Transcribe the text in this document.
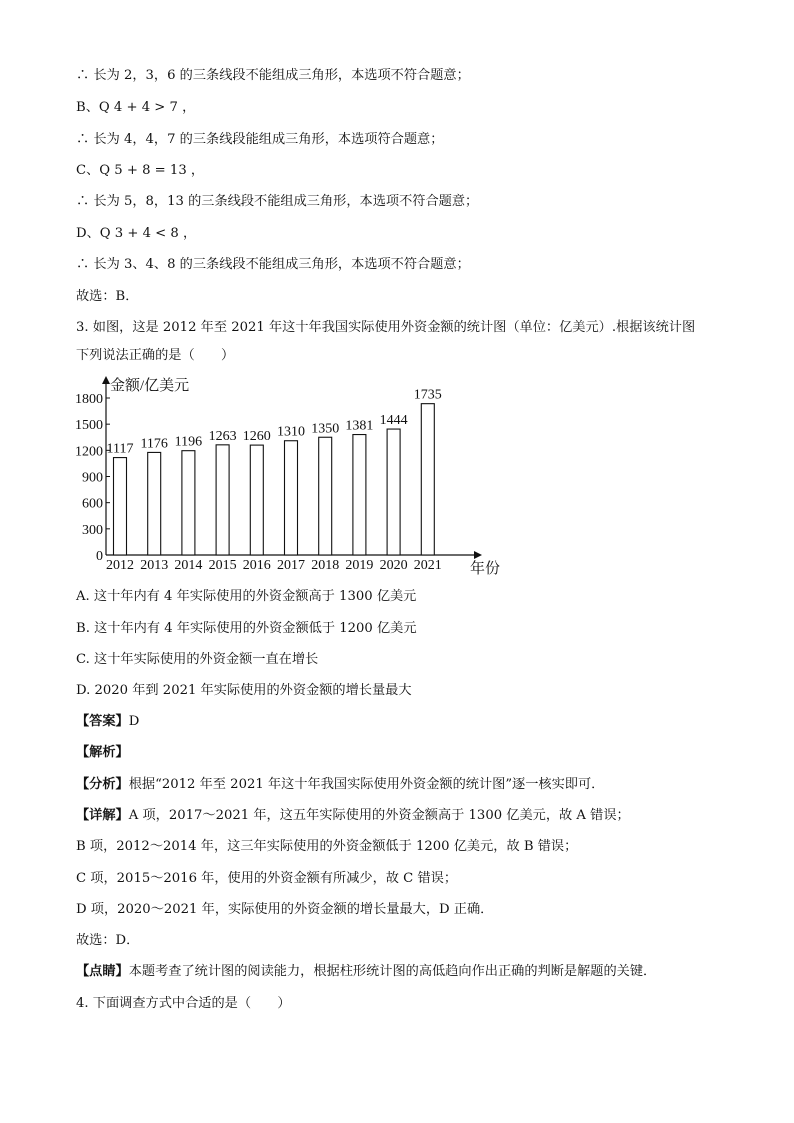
∴ 长为 2，3，6 的三条线段不能组成三角形，本选项不符合题意；
B、Q 4 + 4 > 7 ，
∴ 长为 4，4，7 的三条线段能组成三角形，本选项符合题意；
C、Q 5 + 8 = 13 ，
∴ 长为 5，8，13 的三条线段不能组成三角形，本选项不符合题意；
D、Q 3 + 4 < 8 ，
∴ 长为 3、4、8 的三条线段不能组成三角形，本选项不符合题意；
故选：B．
3. 如图，这是 2012 年至 2021 年这十年我国实际使用外资金额的统计图（单位：亿美元）.根据该统计图
下列说法正确的是（　　）
金额/亿美元
年份
0
300
600
900
1200
1500
1800
1117
2012
1176
2013
1196
2014
1263
2015
1260
2016
1310
2017
1350
2018
1381
2019
1444
2020
1735
2021
A. 这十年内有 4 年实际使用的外资金额高于 1300 亿美元
B. 这十年内有 4 年实际使用的外资金额低于 1200 亿美元
C. 这十年实际使用的外资金额一直在增长
D. 2020 年到 2021 年实际使用的外资金额的增长量最大
【答案】D
【解析】
【分析】根据“2012 年至 2021 年这十年我国实际使用外资金额的统计图”逐一核实即可．
【详解】A 项，2017～2021 年，这五年实际使用的外资金额高于 1300 亿美元，故 A 错误；
B 项，2012～2014 年，这三年实际使用的外资金额低于 1200 亿美元，故 B 错误；
C 项，2015～2016 年，使用的外资金额有所减少，故 C 错误；
D 项，2020～2021 年，实际使用的外资金额的增长量最大，D 正确．
故选：D．
【点睛】本题考查了统计图的阅读能力，根据柱形统计图的高低趋向作出正确的判断是解题的关键．
4. 下面调查方式中合适的是（　　）
